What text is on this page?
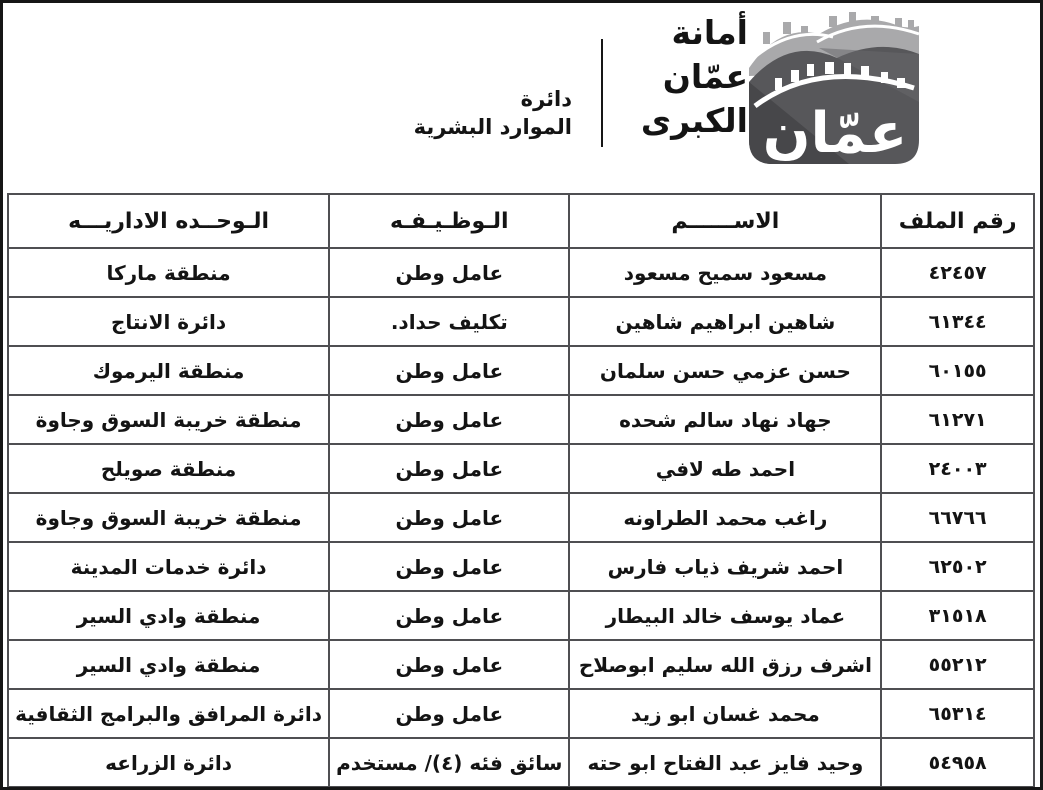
عمّان
أمانة
عمّان
الكبرى
دائرة
الموارد البشرية
رقم الملف	الاســــــم	الـوظـيـفـه	الـوحــده الاداريـــه
٤٢٤٥٧	مسعود سميح مسعود	عامل وطن	منطقة ماركا
٦١٣٤٤	شاهين ابراهيم شاهين	تكليف حداد.	دائرة الانتاج
٦٠١٥٥	حسن عزمي حسن سلمان	عامل وطن	منطقة اليرموك
٦١٢٧١	جهاد نهاد سالم شحده	عامل وطن	منطقة خريبة السوق وجاوة
٢٤٠٠٣	احمد طه لافي	عامل وطن	منطقة صويلح
٦٦٧٦٦	راغب محمد الطراونه	عامل وطن	منطقة خريبة السوق وجاوة
٦٢٥٠٢	احمد شريف ذياب فارس	عامل وطن	دائرة خدمات المدينة
٣١٥١٨	عماد يوسف خالد البيطار	عامل وطن	منطقة وادي السير
٥٥٢١٢	اشرف رزق الله سليم ابوصلاح	عامل وطن	منطقة وادي السير
٦٥٣١٤	محمد غسان ابو زيد	عامل وطن	دائرة المرافق والبرامج الثقافية
٥٤٩٥٨	وحيد فايز عبد الفتاح ابو حته	سائق فئه (٤)/ مستخدم	دائرة الزراعه
